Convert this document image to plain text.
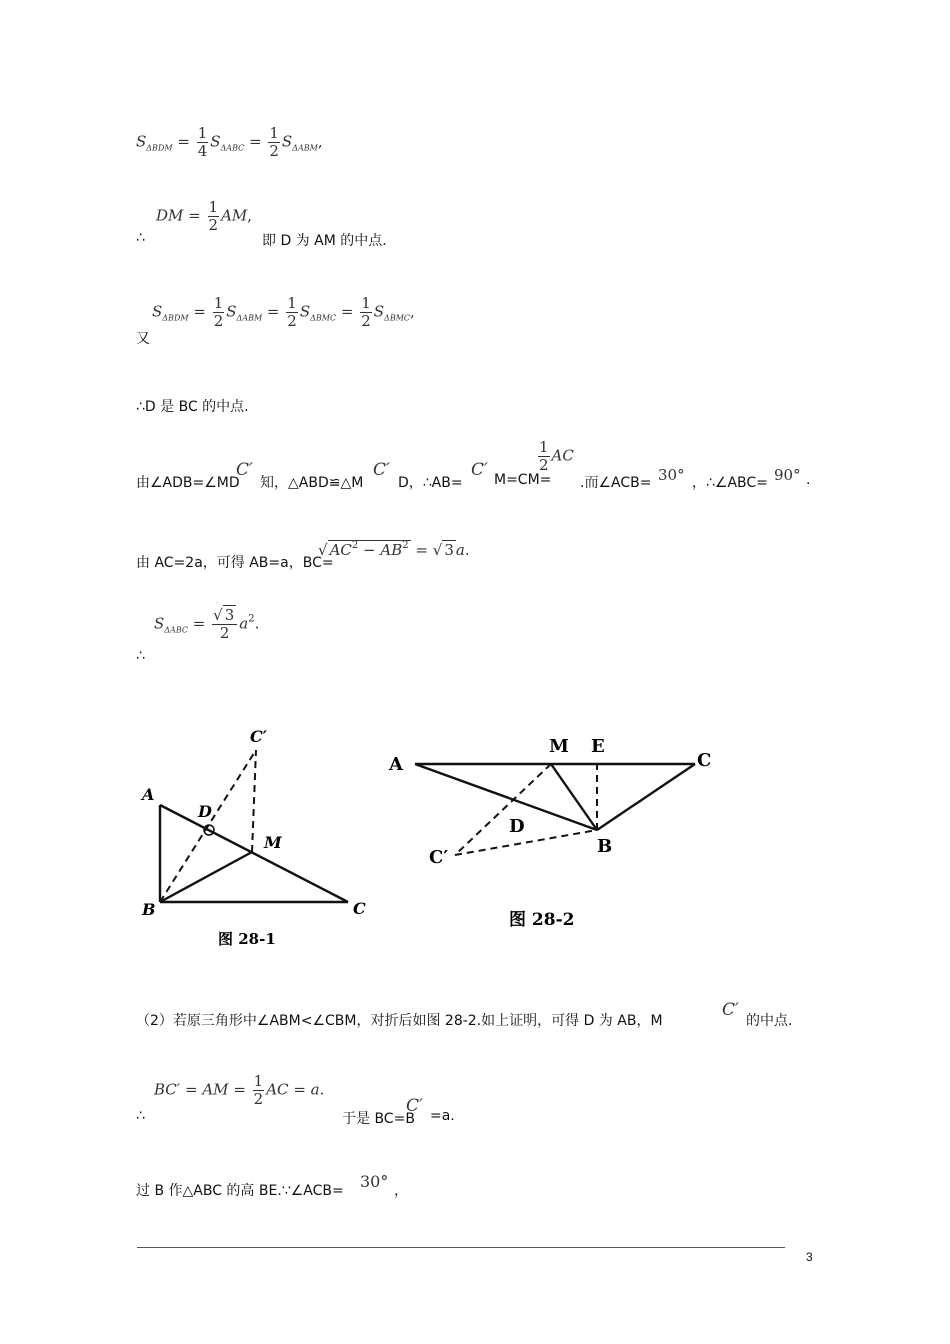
$S_{\Delta BDM} = \frac{1}{4} S_{\Delta ABC} = \frac{1}{2} S_{\Delta ABM}$,
∴
DM = $\frac{1}{2}$ AM,
即 D 为 AM 的中点.
又
$S_{\Delta BDM} = \frac{1}{2} S_{\Delta ABM} = \frac{1}{2} S_{\Delta BMC} = \frac{1}{2} S_{\Delta BMC}$,
∴D 是 BC 的中点.
由∠ADB=∠MD
C′
知，△ABD≌△M
C′
D，∴AB=
C′ M=CM=
$\frac{1}{2}$ AC
.而∠ACB= 30° ，∴∠ABC= 90° .
由 AC=2a，可得 AB=a，BC=
√ $AC^2 - AB^2$ = √ 3 a.
∴
$S_{\Delta ABC} = \frac{√ 3}{2} a^2$.
A
B	C
D
M
C′
图 28-1
A
M E
C
D
B
C′
图 28-2
（2）若原三角形中∠ABM<∠CBM，对折后如图 28-2.如上证明，可得 D 为 AB，M
C′
的中点.
∴
BC′ = AM = $\frac{1}{2}$ AC = a.
于是 BC=B
C′ =a.
过 B 作△ABC 的高 BE.∵∠ACB= 30° ，
3
